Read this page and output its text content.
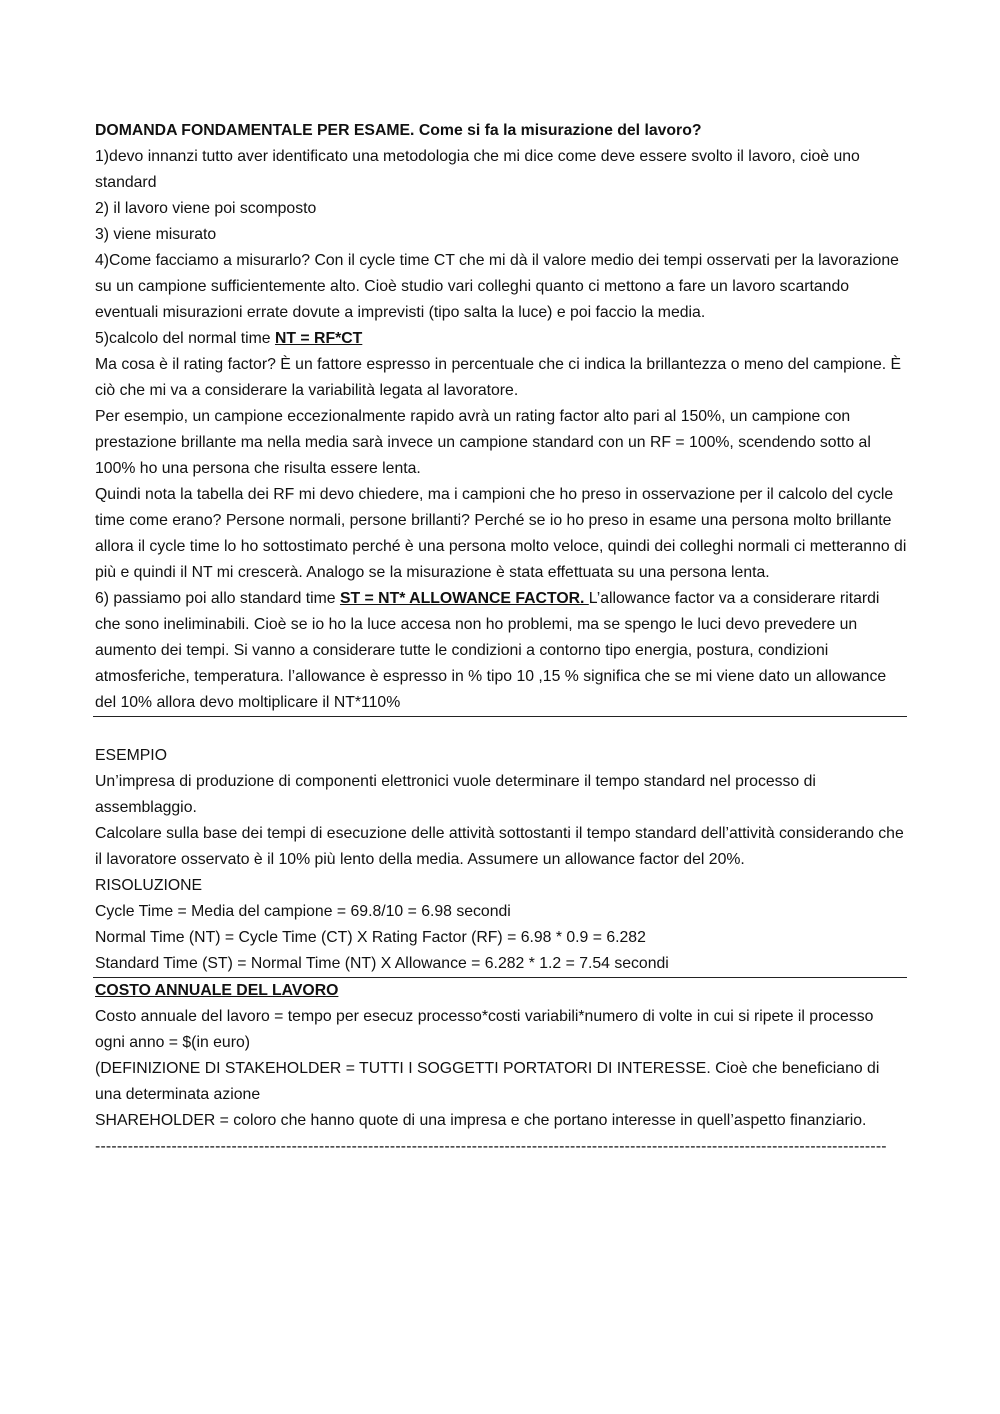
DOMANDA FONDAMENTALE PER ESAME. Come si fa la misurazione del lavoro?
1)devo innanzi tutto aver identificato una metodologia che mi dice come deve essere svolto il lavoro, cioè uno standard
2) il lavoro viene poi scomposto
3) viene misurato
4)Come facciamo a misurarlo? Con il cycle time CT che mi dà il valore medio dei tempi osservati per la lavorazione su un campione sufficientemente alto. Cioè studio vari colleghi quanto ci mettono a fare un lavoro scartando eventuali misurazioni errate dovute a imprevisti (tipo salta la luce) e poi faccio la media.
5)calcolo del normal time NT = RF*CT
Ma cosa è il rating factor? È un fattore espresso in percentuale che ci indica la brillantezza o meno del campione. È ciò che mi va a considerare la variabilità legata al lavoratore.
Per esempio, un campione eccezionalmente rapido avrà un rating factor alto pari al 150%, un campione con prestazione brillante ma nella media sarà invece un campione standard con un RF = 100%, scendendo sotto al 100% ho una persona che risulta essere lenta.
Quindi nota la tabella dei RF mi devo chiedere, ma i campioni che ho preso in osservazione per il calcolo del cycle time come erano? Persone normali, persone brillanti? Perché se io ho preso in esame una persona molto brillante allora il cycle time lo ho sottostimato perché è una persona molto veloce, quindi dei colleghi normali ci metteranno di più e quindi il NT mi crescerà. Analogo se la misurazione è stata effettuata su una persona lenta.
6) passiamo poi allo standard time ST = NT* ALLOWANCE FACTOR. L’allowance factor va a considerare ritardi che sono ineliminabili. Cioè se io ho la luce accesa non ho problemi, ma se spengo le luci devo prevedere un aumento dei tempi. Si vanno a considerare tutte le condizioni a contorno tipo energia, postura, condizioni atmosferiche, temperatura. l’allowance è espresso in % tipo 10 ,15 % significa che se mi viene dato un allowance del 10% allora devo moltiplicare il NT*110%
ESEMPIO
Un’impresa di produzione di componenti elettronici vuole determinare il tempo standard nel processo di assemblaggio.
Calcolare sulla base dei tempi di esecuzione delle attività sottostanti il tempo standard dell’attività considerando che il lavoratore osservato è il 10% più lento della media. Assumere un allowance factor del 20%.
RISOLUZIONE
Cycle Time = Media del campione = 69.8/10 = 6.98 secondi
Normal Time (NT) = Cycle Time (CT) X Rating Factor (RF) = 6.98 * 0.9 = 6.282
Standard Time (ST) = Normal Time (NT) X Allowance = 6.282 * 1.2 = 7.54 secondi
COSTO ANNUALE DEL LAVORO
Costo annuale del lavoro = tempo per esecuz processo*costi variabili*numero di volte in cui si ripete il processo ogni anno = $(in euro)
(DEFINIZIONE DI STAKEHOLDER = TUTTI I SOGGETTI PORTATORI DI INTERESSE. Cioè che beneficiano di una determinata azione
SHAREHOLDER = coloro che hanno quote di una impresa e che portano interesse in quell’aspetto finanziario.
-------------------------------------------------------------------------------------------------------------------------------------------------
